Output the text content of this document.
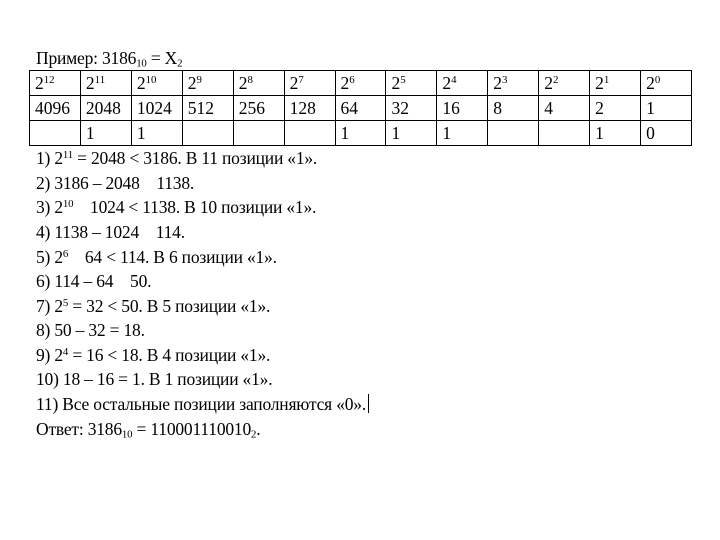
Пример: $3186_{10} = X_2$
$2^{12}$	$2^{11}$	$2^{10}$	$2^9$	$2^8$	$2^7$	$2^6$	$2^5$	$2^4$	$2^3$	$2^2$	$2^1$	$2^0$
4096	2048	1024	512	256	128	64	32	16	8	4	2	1
	1	1				1	1	1			1	0
1) $2^{11} = 2048 < 3186$. В 11 позиции «1».
2) 3186 – 2048    1138.
3) $2^{10}$    1024 < 1138. В 10 позиции «1».
4) 1138 – 1024    114.
5) $2^6$    64 < 114. В 6 позиции «1».
6) 114 – 64    50.
7) $2^5 = 32 < 50$. В 5 позиции «1».
8) 50 – 32 = 18.
9) $2^4 = 16 < 18$. В 4 позиции «1».
10) 18 – 16 = 1. В 1 позиции «1».
11) Все остальные позиции заполняются «0».
Ответ: $3186_{10} = 110001110010_2$.
